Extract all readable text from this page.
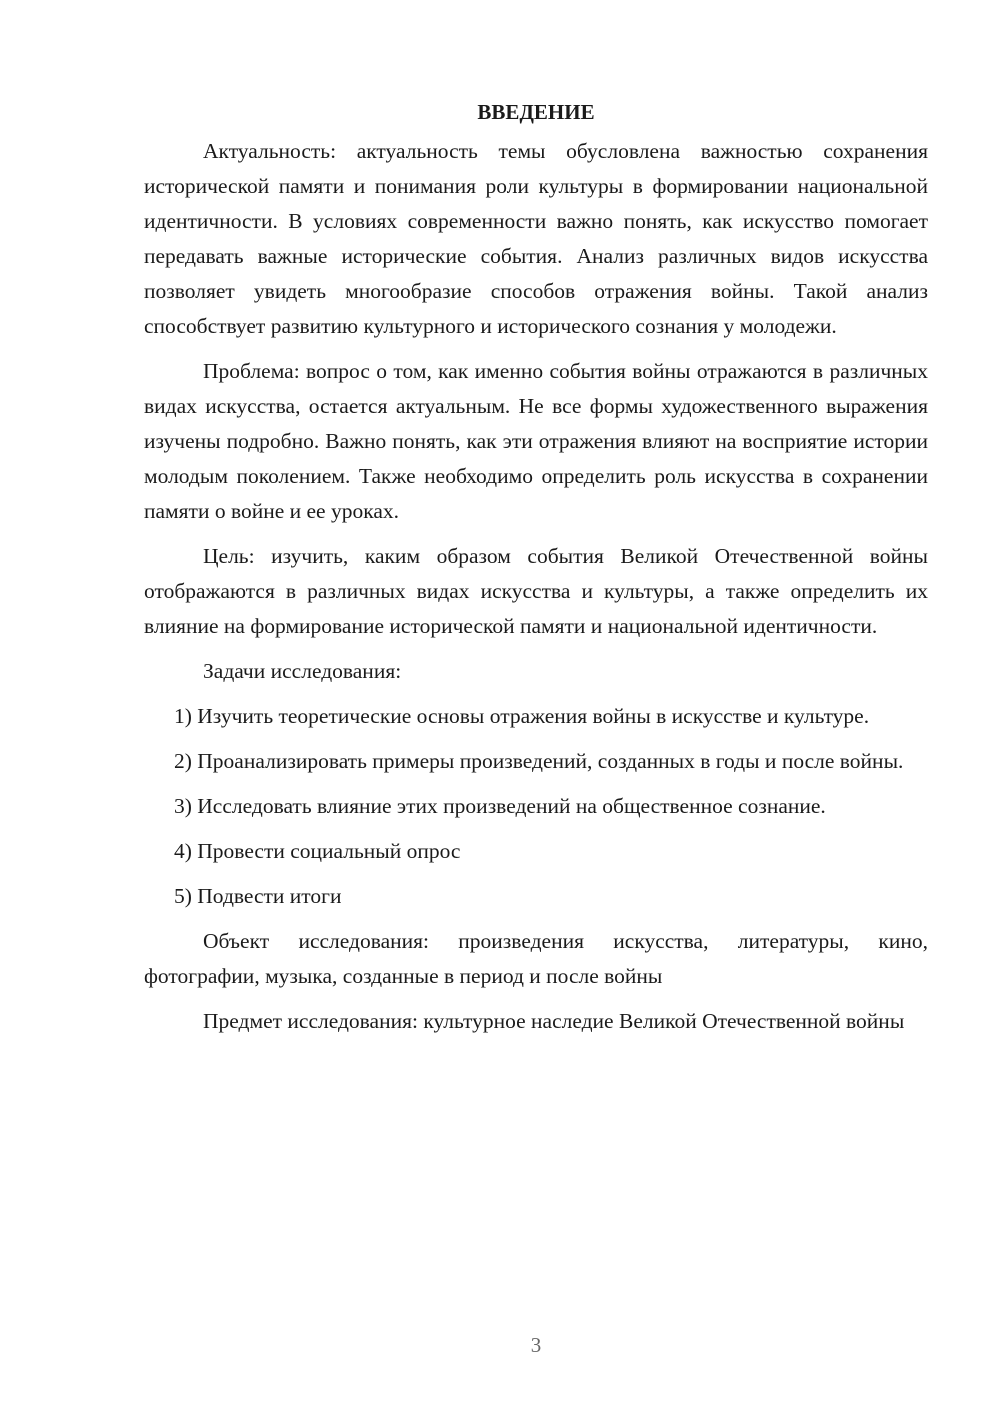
ВВЕДЕНИЕ

Актуальность: актуальность темы обусловлена важностью сохранения исторической памяти и понимания роли культуры в формировании национальной идентичности. В условиях современности важно понять, как искусство помогает передавать важные исторические события. Анализ различных видов искусства позволяет увидеть многообразие способов отражения войны. Такой анализ способствует развитию культурного и исторического сознания у молодежи.

Проблема: вопрос о том, как именно события войны отражаются в различных видах искусства, остается актуальным. Не все формы художественного выражения изучены подробно. Важно понять, как эти отражения влияют на восприятие истории молодым поколением. Также необходимо определить роль искусства в сохранении памяти о войне и ее уроках.

Цель: изучить, каким образом события Великой Отечественной войны отображаются в различных видах искусства и культуры, а также определить их влияние на формирование исторической памяти и национальной идентичности.

Задачи исследования:

1) Изучить теоретические основы отражения войны в искусстве и культуре.

2) Проанализировать примеры произведений, созданных в годы и после войны.

3) Исследовать влияние этих произведений на общественное сознание.

4) Провести социальный опрос

5) Подвести итоги

Объект исследования: произведения искусства, литературы, кино, фотографии, музыка, созданные в период и после войны

Предмет исследования: культурное наследие Великой Отечественной войны

3
